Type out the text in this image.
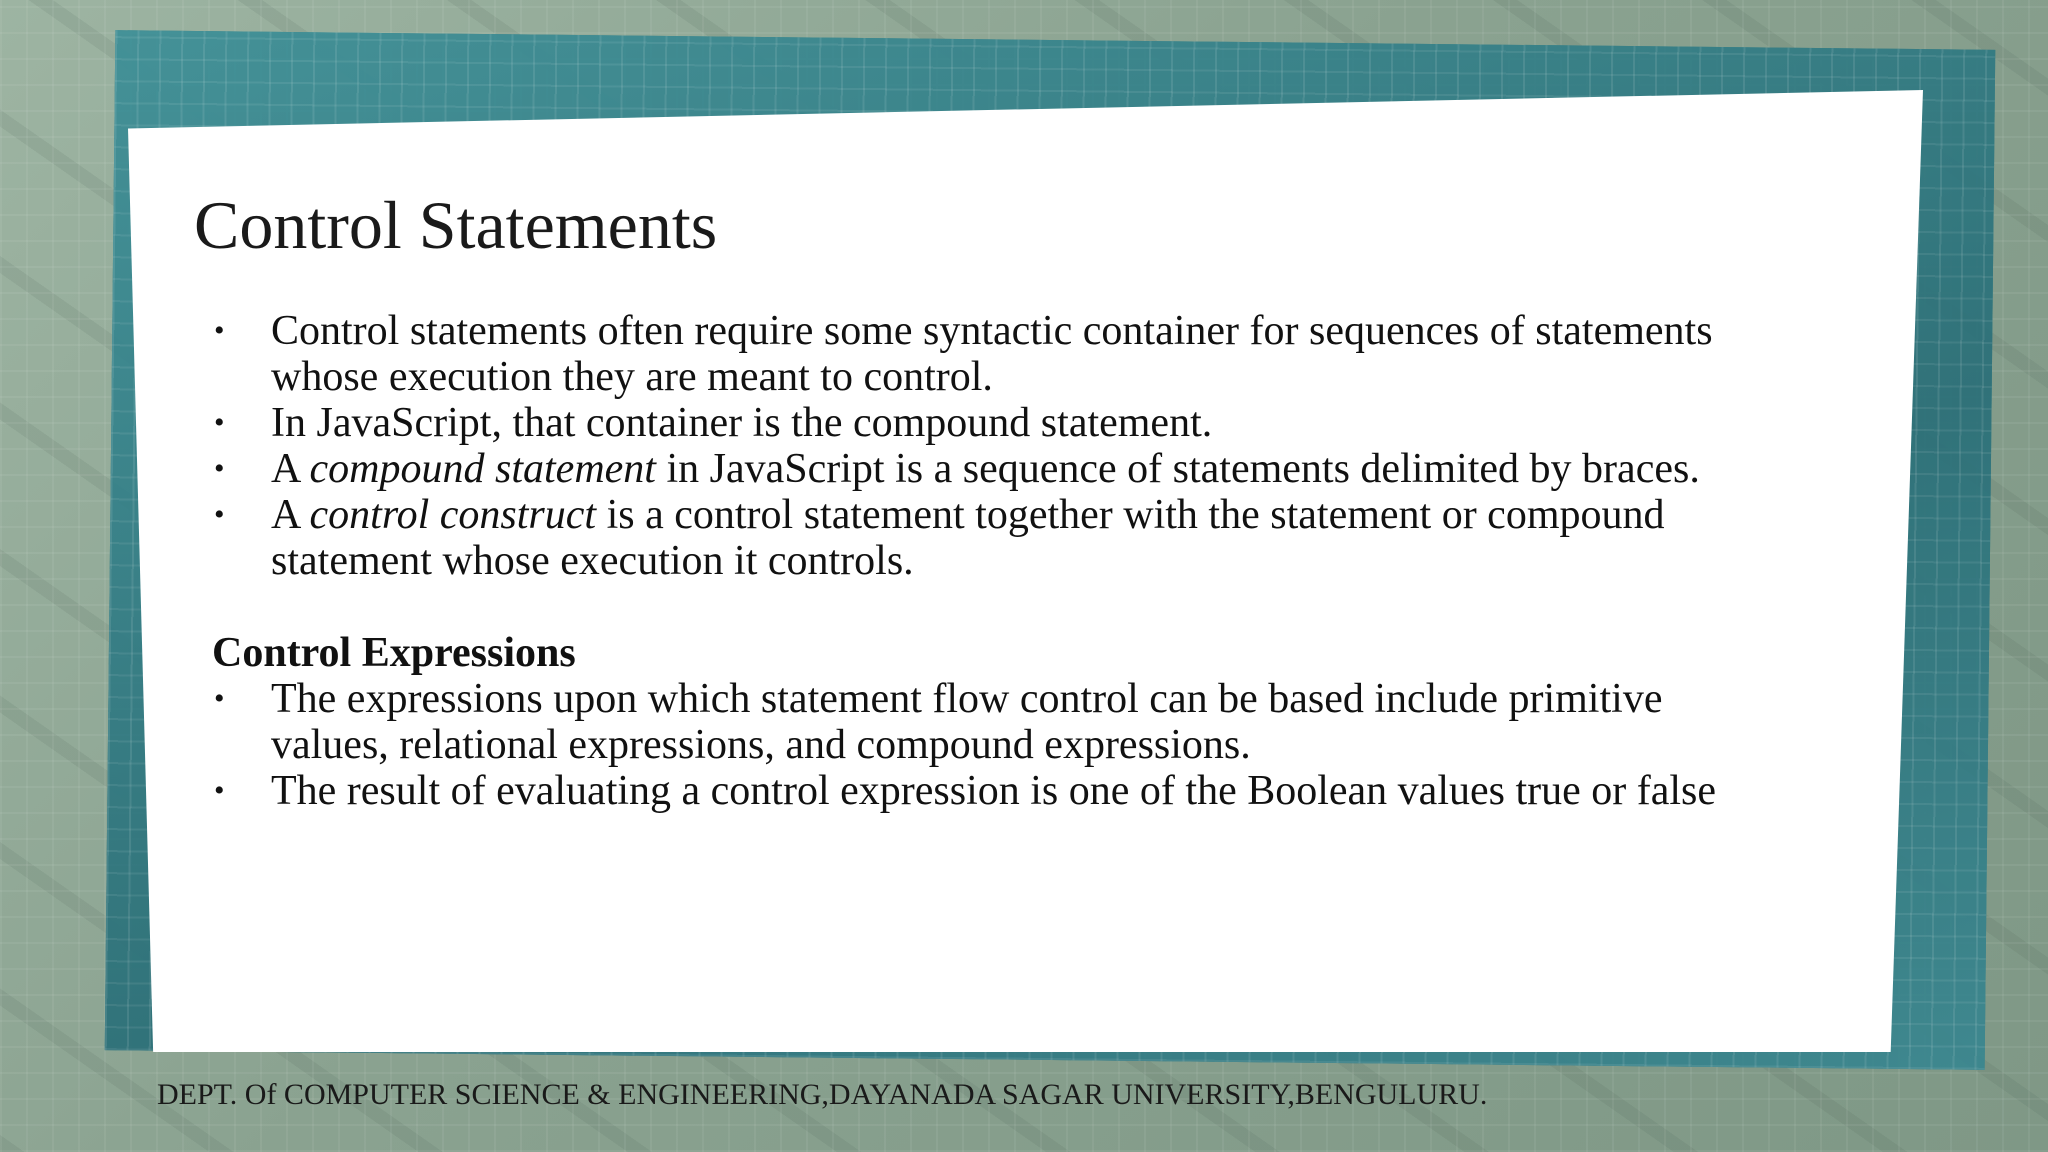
Control Statements
• Control statements often require some syntactic container for sequences of statements whose execution they are meant to control.
• In JavaScript, that container is the compound statement.
• A compound statement in JavaScript is a sequence of statements delimited by braces.
• A control construct is a control statement together with the statement or compound statement whose execution it controls.
Control Expressions
• The expressions upon which statement flow control can be based include primitive values, relational expressions, and compound expressions.
• The result of evaluating a control expression is one of the Boolean values true or false
DEPT. Of COMPUTER SCIENCE & ENGINEERING,DAYANADA SAGAR UNIVERSITY,BENGULURU.
